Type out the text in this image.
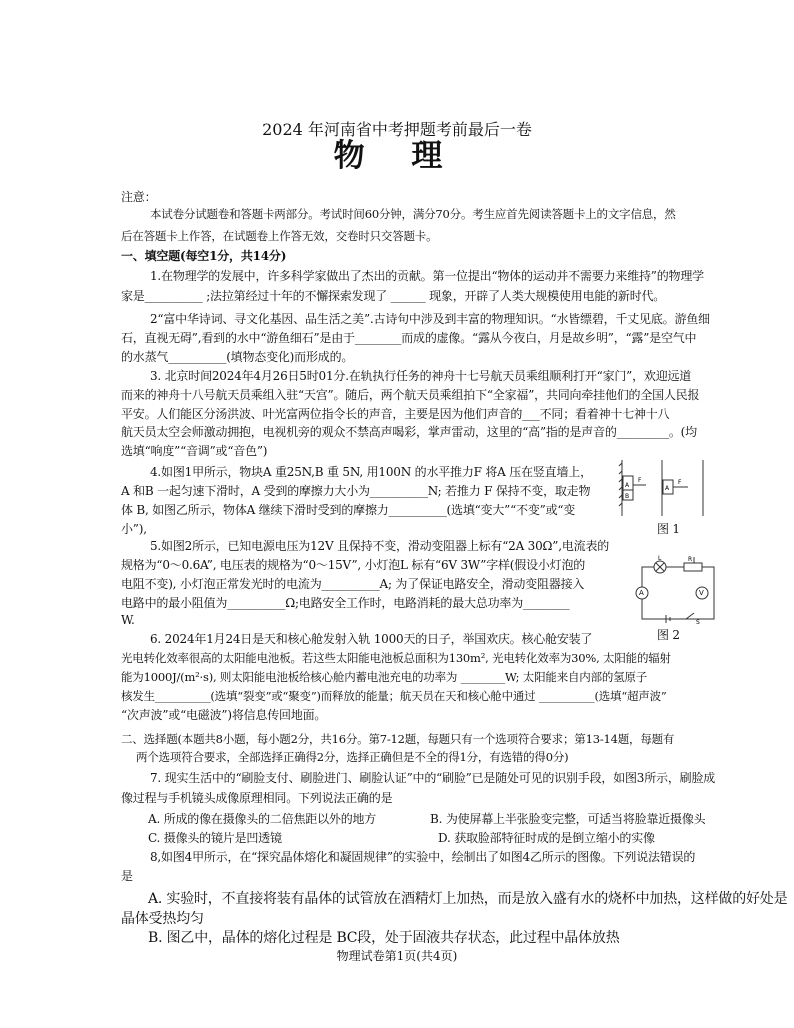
2024 年河南省中考押题考前最后一卷
物 理
注意：
本试卷分试题卷和答题卡两部分。考试时间60分钟，满分70分。考生应首先阅读答题卡上的文字信息，然
后在答题卡上作答，在试题卷上作答无效，交卷时只交答题卡。
一、填空题(每空1分，共14分)
1.在物理学的发展中，许多科学家做出了杰出的贡献。第一位提出“物体的运动并不需要力来维持”的物理学
家是__________ ;法拉第经过十年的不懈探索发现了 ______ 现象，开辟了人类大规模使用电能的新时代。
2“富中华诗词、寻文化基因、品生活之美”.古诗句中涉及到丰富的物理知识。“水皆缥碧，千丈见底。游鱼细
石，直视无碍”,看到的水中“游鱼细石”是由于________而成的虚像。“露从今夜白，月是故乡明”，“露”是空气中
的水蒸气__________(填物态变化)而形成的。
3. 北京时间2024年4月26日5时01分.在轨执行任务的神舟十七号航天员乘组顺利打开“家门”，欢迎远道
而来的神舟十八号航天员乘组入驻“天宫”。随后，两个航天员乘组拍下“全家福”，共同向牵挂他们的全国人民报
平安。人们能区分汤洪波、叶光富两位指令长的声音，主要是因为他们声音的___不同；看着神十七神十八
航天员太空会师激动拥抱，电视机旁的观众不禁高声喝彩，掌声雷动，这里的“高”指的是声音的_________。(均
选填“响度”“音调”或“音色”)
4.如图1甲所示，物块A 重25N,B 重 5N, 用100N 的水平推力F 将A 压在竖直墙上，
A 和B 一起匀速下滑时，A 受到的摩擦力大小为__________N; 若推力 F 保持不变，取走物
体 B, 如图乙所示，物体A 继续下滑时受到的摩擦力__________(选填“变大”“不变”或“变
小”),
A
B
F
A
F
图 1
5.如图2所示，已知电源电压为12V 且保持不变，滑动变阻器上标有“2A 30Ω”,电流表的
规格为“0～0.6A”, 电压表的规格为“0～15V”, 小灯泡L 标有“6V 3W”字样(假设小灯泡的
电阻不变), 小灯泡正常发光时的电流为__________A; 为了保证电路安全，滑动变阻器接入
电路中的最小阻值为__________Ω;电路安全工作时，电路消耗的最大总功率为________
W.
L	R
A	V
S
图 2
6. 2024年1月24日是天和核心舱发射入轨 1000天的日子，举国欢庆。核心舱安装了
光电转化效率很高的太阳能电池板。若这些太阳能电池板总面积为130m², 光电转化效率为30%, 太阳能的辐射
能为1000J/(m²·s), 则太阳能电池板给核心舱内蓄电池充电的功率为 ________W; 太阳能来自内部的氢原子
核发生__________(选填“裂变”或“聚变”)而释放的能量；航天员在天和核心舱中通过 __________(选填“超声波”
“次声波”或“电磁波”)将信息传回地面。
二、选择题(本题共8小题，每小题2分，共16分。第7-12题，每题只有一个选项符合要求；第13-14题，每题有
两个选项符合要求，全部选择正确得2分，选择正确但是不全的得1分，有选错的得0分)
7. 现实生活中的“刷脸支付、刷脸进门、刷脸认证”中的“刷脸”已是随处可见的识别手段，如图3所示，刷脸成
像过程与手机镜头成像原理相同。下列说法正确的是
A. 所成的像在摄像头的二倍焦距以外的地方	B. 为使屏幕上半张脸变完整，可适当将脸靠近摄像头
C. 摄像头的镜片是凹透镜	D. 获取脸部特征时成的是倒立缩小的实像
8,如图4甲所示，在“探究晶体熔化和凝固规律”的实验中，绘制出了如图4乙所示的图像。下列说法错误的
是
A. 实验时，不直接将装有晶体的试管放在酒精灯上加热，而是放入盛有水的烧杯中加热，这样做的好处是
晶体受热均匀
B. 图乙中，晶体的熔化过程是 BC段，处于固液共存状态，此过程中晶体放热
物理试卷第1页(共4页)
